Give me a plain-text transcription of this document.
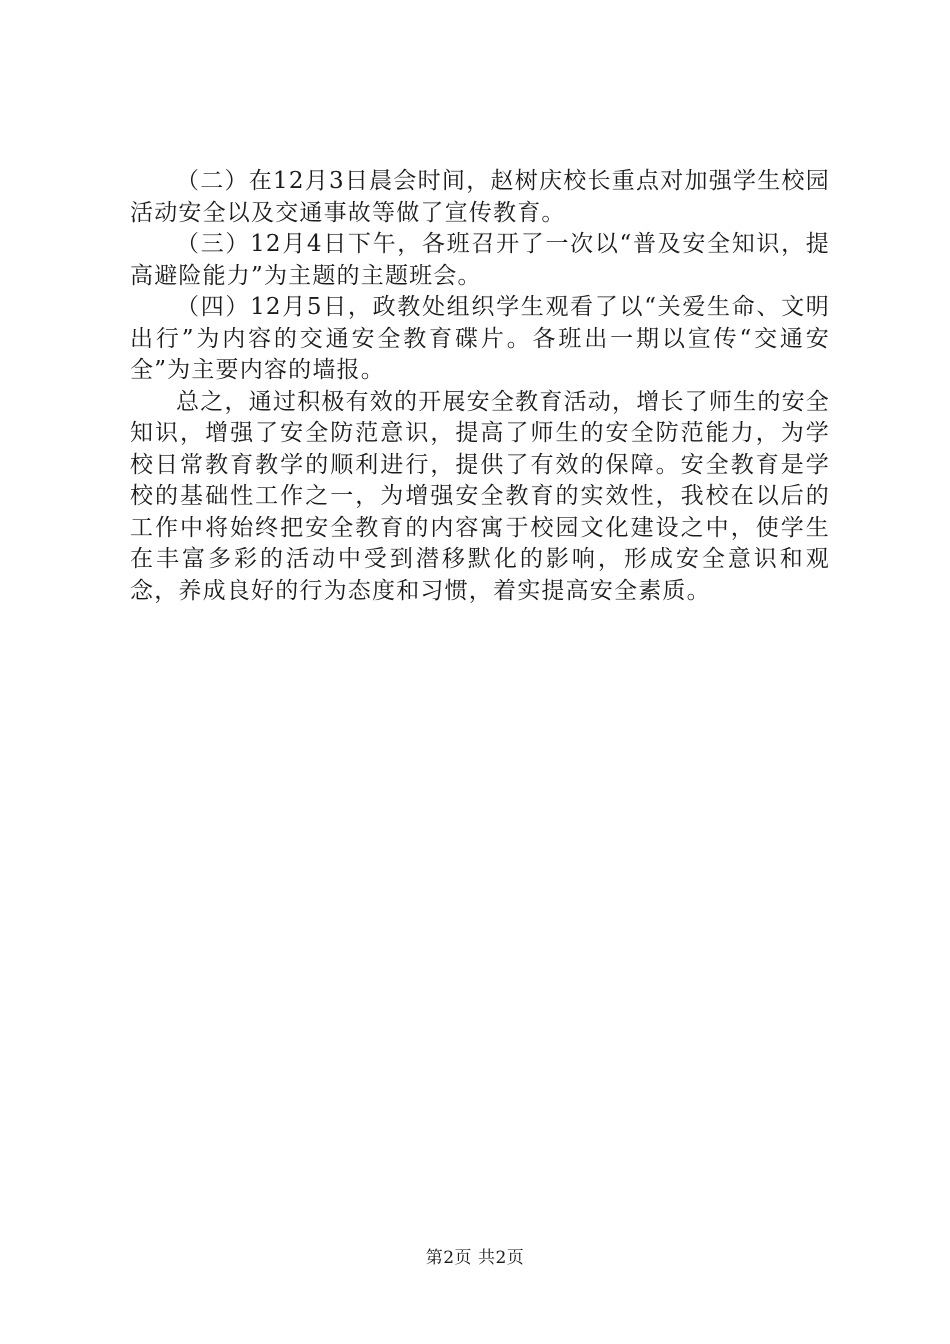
（二）在12月3日晨会时间，赵树庆校长重点对加强学生校园活动安全以及交通事故等做了宣传教育。

（三）12月4日下午，各班召开了一次以“普及安全知识，提高避险能力”为主题的主题班会。

（四）12月5日，政教处组织学生观看了以“关爱生命、文明出行”为内容的交通安全教育碟片。各班出一期以宣传“交通安全”为主要内容的墙报。

总之，通过积极有效的开展安全教育活动，增长了师生的安全知识，增强了安全防范意识，提高了师生的安全防范能力，为学校日常教育教学的顺利进行，提供了有效的保障。安全教育是学校的基础性工作之一，为增强安全教育的实效性，我校在以后的工作中将始终把安全教育的内容寓于校园文化建设之中，使学生在丰富多彩的活动中受到潜移默化的影响，形成安全意识和观念，养成良好的行为态度和习惯，着实提高安全素质。

第2页 共2页
